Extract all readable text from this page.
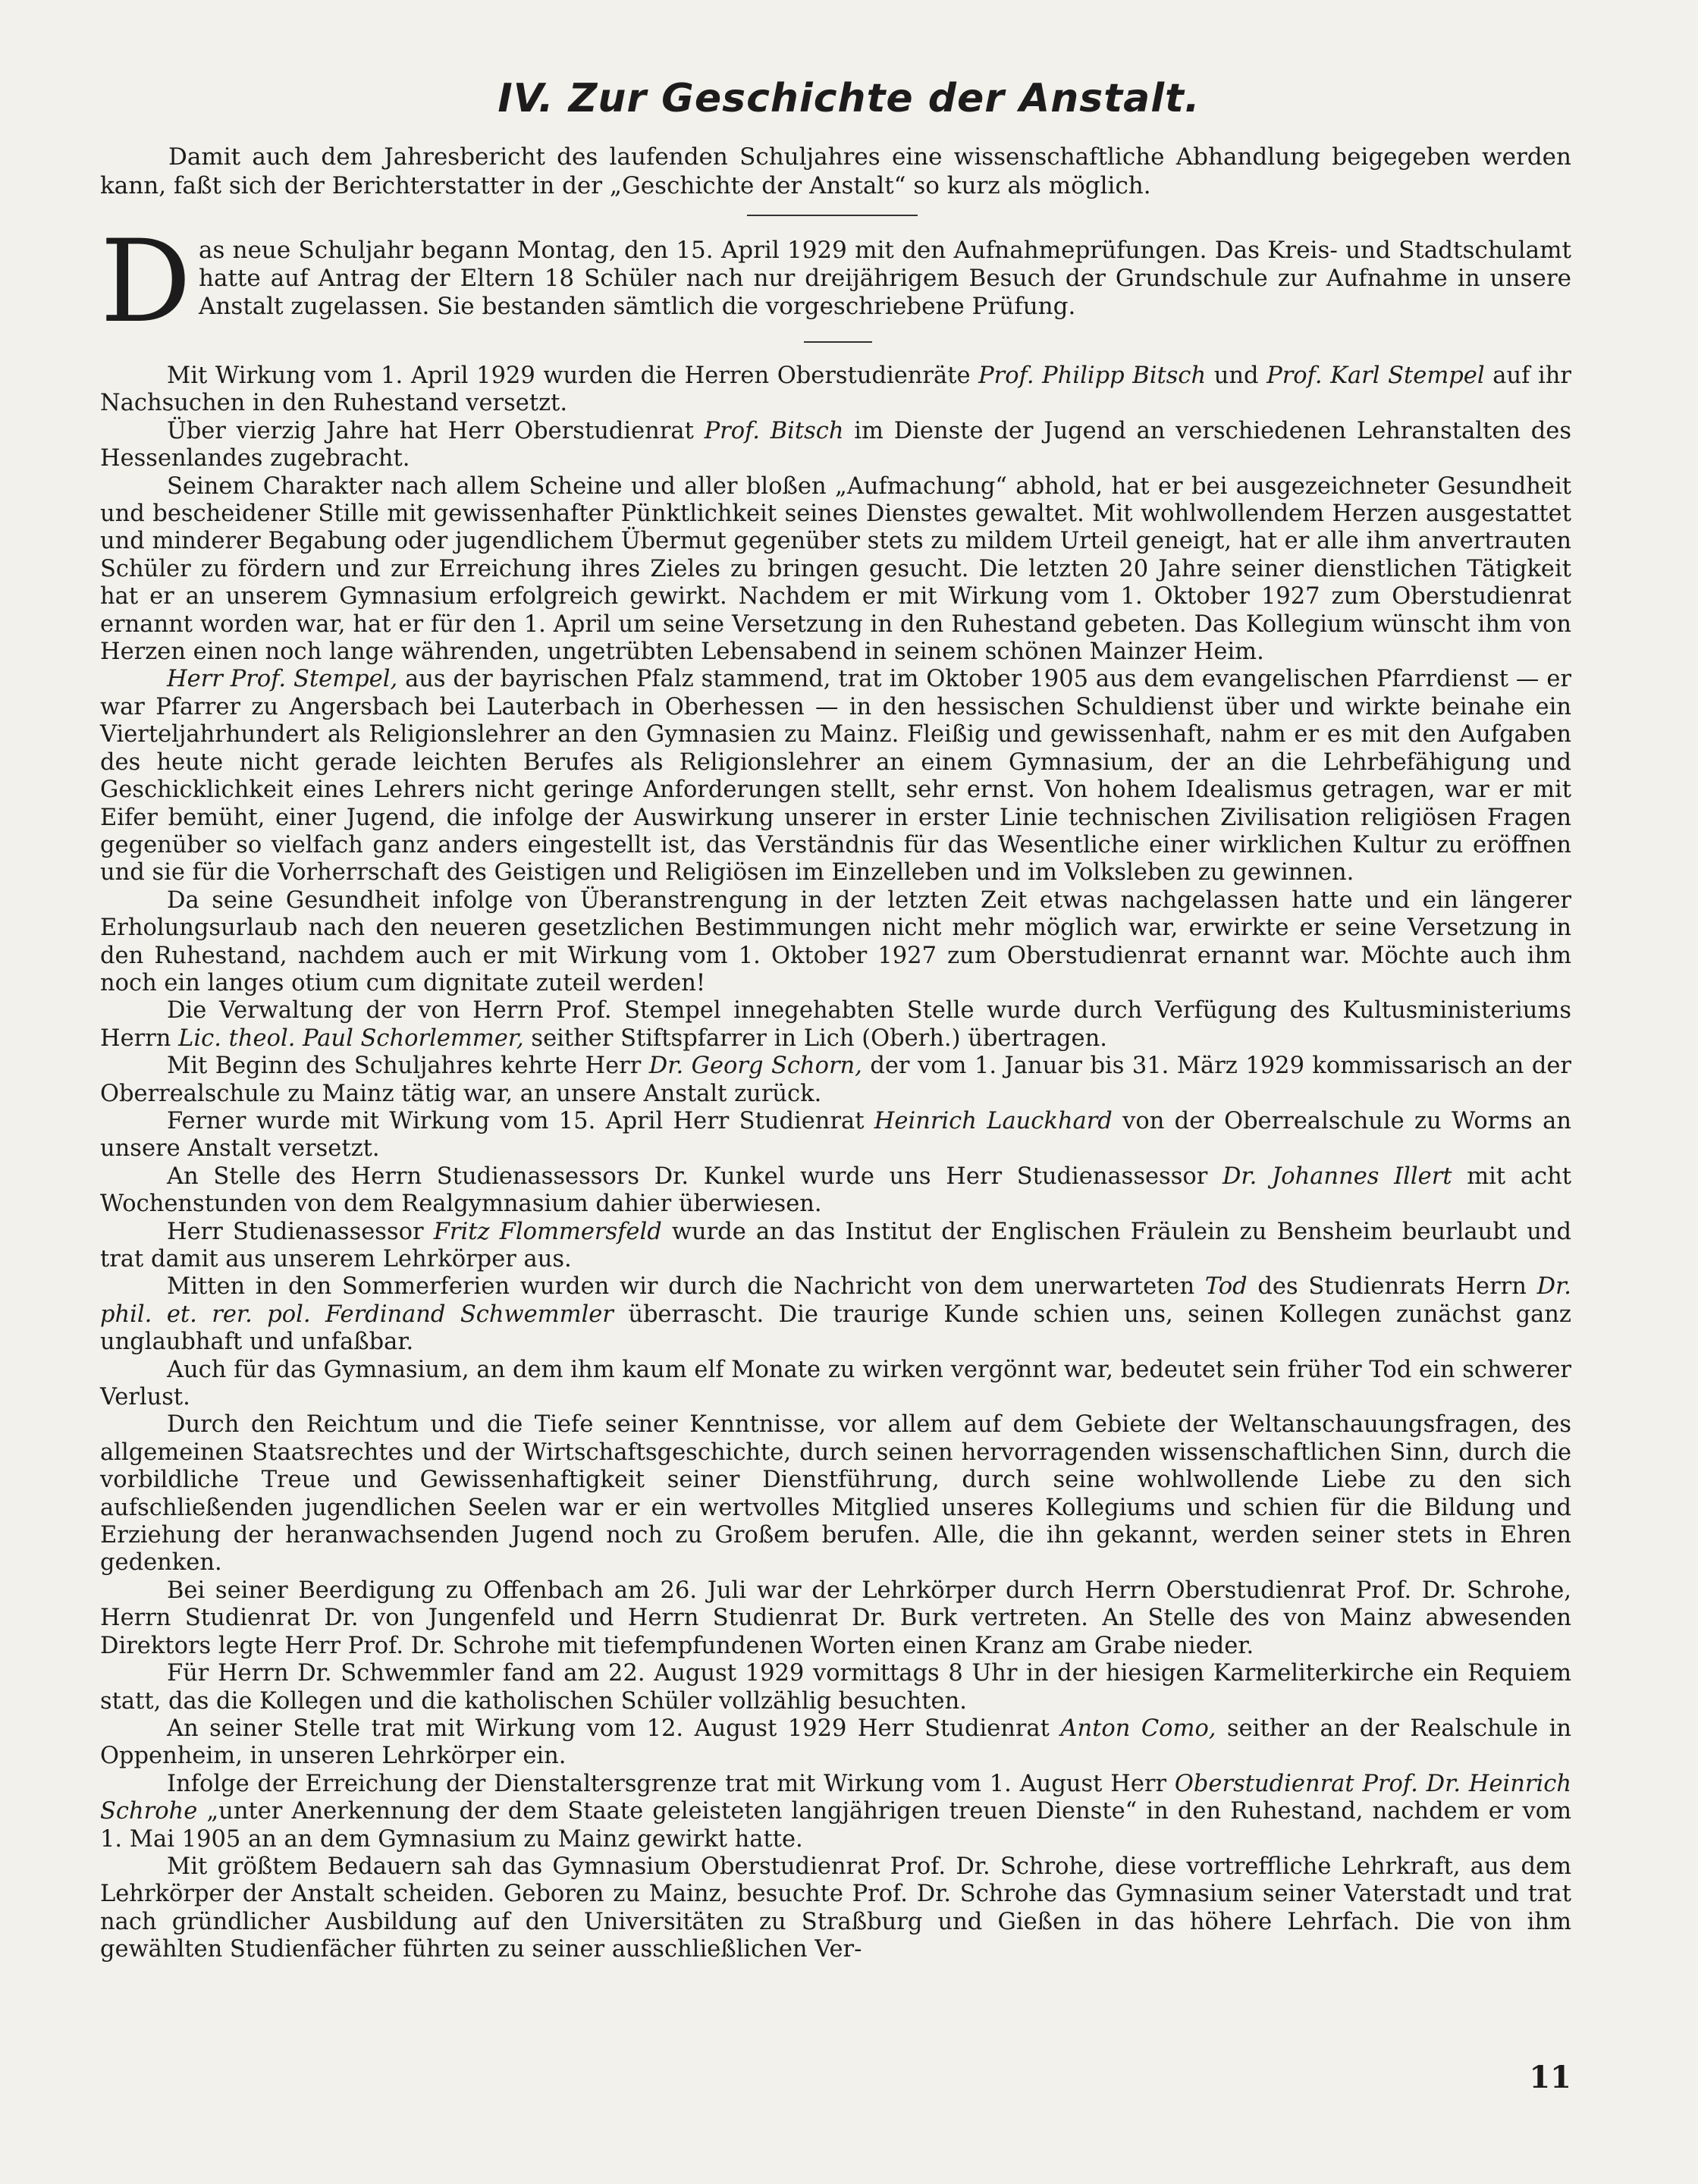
IV. Zur Geschichte der Anstalt.
Damit auch dem Jahresbericht des laufenden Schuljahres eine wissenschaftliche Abhandlung beigegeben werden kann, faßt sich der Berichterstatter in der „Geschichte der Anstalt“ so kurz als möglich.
D as neue Schuljahr begann Montag, den 15. April 1929 mit den Aufnahmeprüfungen. Das Kreis- und Stadtschulamt hatte auf Antrag der Eltern 18 Schüler nach nur dreijährigem Besuch der Grundschule zur Aufnahme in unsere Anstalt zugelassen. Sie bestanden sämtlich die vorgeschriebene Prüfung.

Mit Wirkung vom 1. April 1929 wurden die Herren Oberstudienräte Prof. Philipp Bitsch und Prof. Karl Stempel auf ihr Nachsuchen in den Ruhestand versetzt.

Über vierzig Jahre hat Herr Oberstudienrat Prof. Bitsch im Dienste der Jugend an verschiedenen Lehranstalten des Hessenlandes zugebracht.

Seinem Charakter nach allem Scheine und aller bloßen „Aufmachung“ abhold, hat er bei ausgezeichneter Gesundheit und bescheidener Stille mit gewissenhafter Pünktlichkeit seines Dienstes gewaltet. Mit wohlwollendem Herzen ausgestattet und minderer Begabung oder jugendlichem Übermut gegenüber stets zu mildem Urteil geneigt, hat er alle ihm anvertrauten Schüler zu fördern und zur Erreichung ihres Zieles zu bringen gesucht. Die letzten 20 Jahre seiner dienstlichen Tätigkeit hat er an unserem Gymnasium erfolgreich gewirkt. Nachdem er mit Wirkung vom 1. Oktober 1927 zum Oberstudienrat ernannt worden war, hat er für den 1. April um seine Versetzung in den Ruhestand gebeten. Das Kollegium wünscht ihm von Herzen einen noch lange währenden, ungetrübten Lebensabend in seinem schönen Mainzer Heim.

Herr Prof. Stempel, aus der bayrischen Pfalz stammend, trat im Oktober 1905 aus dem evangelischen Pfarrdienst — er war Pfarrer zu Angersbach bei Lauterbach in Oberhessen — in den hessischen Schuldienst über und wirkte beinahe ein Vierteljahrhundert als Religionslehrer an den Gymnasien zu Mainz. Fleißig und gewissenhaft, nahm er es mit den Aufgaben des heute nicht gerade leichten Berufes als Religionslehrer an einem Gymnasium, der an die Lehrbefähigung und Geschicklichkeit eines Lehrers nicht geringe Anforderungen stellt, sehr ernst. Von hohem Idealismus getragen, war er mit Eifer bemüht, einer Jugend, die infolge der Auswirkung unserer in erster Linie technischen Zivilisation religiösen Fragen gegenüber so vielfach ganz anders eingestellt ist, das Verständnis für das Wesentliche einer wirklichen Kultur zu eröffnen und sie für die Vorherrschaft des Geistigen und Religiösen im Einzelleben und im Volksleben zu gewinnen.

Da seine Gesundheit infolge von Überanstrengung in der letzten Zeit etwas nachgelassen hatte und ein längerer Erholungsurlaub nach den neueren gesetzlichen Bestimmungen nicht mehr möglich war, erwirkte er seine Versetzung in den Ruhestand, nachdem auch er mit Wirkung vom 1. Oktober 1927 zum Oberstudienrat ernannt war. Möchte auch ihm noch ein langes otium cum dignitate zuteil werden!

Die Verwaltung der von Herrn Prof. Stempel innegehabten Stelle wurde durch Verfügung des Kultusministeriums Herrn Lic. theol. Paul Schorlemmer, seither Stiftspfarrer in Lich (Oberh.) übertragen.

Mit Beginn des Schuljahres kehrte Herr Dr. Georg Schorn, der vom 1. Januar bis 31. März 1929 kommissarisch an der Oberrealschule zu Mainz tätig war, an unsere Anstalt zurück.

Ferner wurde mit Wirkung vom 15. April Herr Studienrat Heinrich Lauckhard von der Oberrealschule zu Worms an unsere Anstalt versetzt.

An Stelle des Herrn Studienassessors Dr. Kunkel wurde uns Herr Studienassessor Dr. Johannes Illert mit acht Wochenstunden von dem Realgymnasium dahier überwiesen.

Herr Studienassessor Fritz Flommersfeld wurde an das Institut der Englischen Fräulein zu Bensheim beurlaubt und trat damit aus unserem Lehrkörper aus.

Mitten in den Sommerferien wurden wir durch die Nachricht von dem unerwarteten Tod des Studienrats Herrn Dr. phil. et. rer. pol. Ferdinand Schwemmler überrascht. Die traurige Kunde schien uns, seinen Kollegen zunächst ganz unglaubhaft und unfaßbar.

Auch für das Gymnasium, an dem ihm kaum elf Monate zu wirken vergönnt war, bedeutet sein früher Tod ein schwerer Verlust.

Durch den Reichtum und die Tiefe seiner Kenntnisse, vor allem auf dem Gebiete der Weltanschauungsfragen, des allgemeinen Staatsrechtes und der Wirtschaftsgeschichte, durch seinen hervorragenden wissenschaftlichen Sinn, durch die vorbildliche Treue und Gewissenhaftigkeit seiner Dienstführung, durch seine wohlwollende Liebe zu den sich aufschließenden jugendlichen Seelen war er ein wertvolles Mitglied unseres Kollegiums und schien für die Bildung und Erziehung der heranwachsenden Jugend noch zu Großem berufen. Alle, die ihn gekannt, werden seiner stets in Ehren gedenken.

Bei seiner Beerdigung zu Offenbach am 26. Juli war der Lehrkörper durch Herrn Oberstudienrat Prof. Dr. Schrohe, Herrn Studienrat Dr. von Jungenfeld und Herrn Studienrat Dr. Burk vertreten. An Stelle des von Mainz abwesenden Direktors legte Herr Prof. Dr. Schrohe mit tiefempfundenen Worten einen Kranz am Grabe nieder.

Für Herrn Dr. Schwemmler fand am 22. August 1929 vormittags 8 Uhr in der hiesigen Karmeliterkirche ein Requiem statt, das die Kollegen und die katholischen Schüler vollzählig besuchten.

An seiner Stelle trat mit Wirkung vom 12. August 1929 Herr Studienrat Anton Como, seither an der Realschule in Oppenheim, in unseren Lehrkörper ein.

Infolge der Erreichung der Dienstaltersgrenze trat mit Wirkung vom 1. August Herr Oberstudienrat Prof. Dr. Heinrich Schrohe „unter Anerkennung der dem Staate geleisteten langjährigen treuen Dienste“ in den Ruhestand, nachdem er vom 1. Mai 1905 an an dem Gymnasium zu Mainz gewirkt hatte.

Mit größtem Bedauern sah das Gymnasium Oberstudienrat Prof. Dr. Schrohe, diese vortreffliche Lehrkraft, aus dem Lehrkörper der Anstalt scheiden. Geboren zu Mainz, besuchte Prof. Dr. Schrohe das Gymnasium seiner Vaterstadt und trat nach gründlicher Ausbildung auf den Universitäten zu Straßburg und Gießen in das höhere Lehrfach. Die von ihm gewählten Studienfächer führten zu seiner ausschließlichen Ver-

11
